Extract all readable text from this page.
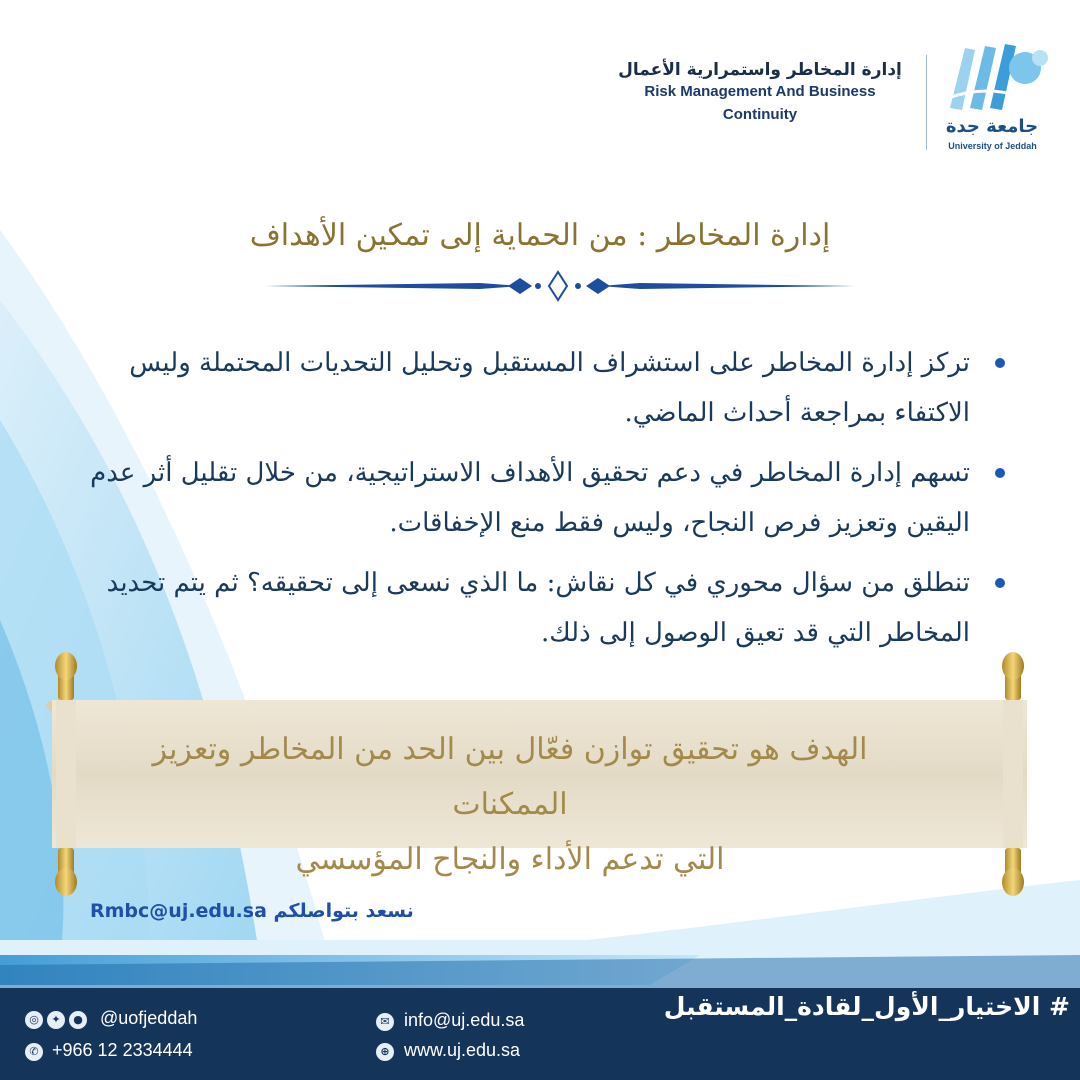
إدارة المخاطر واستمرارية الأعمال
Risk Management And Business
Continuity
جامعة جدة
University of Jeddah
إدارة المخاطر : من الحماية إلى تمكين الأهداف
تركز إدارة المخاطر على استشراف المستقبل وتحليل التحديات المحتملة وليس الاكتفاء بمراجعة أحداث الماضي.
تسهم إدارة المخاطر في دعم تحقيق الأهداف الاستراتيجية، من خلال تقليل أثر عدم اليقين وتعزيز فرص النجاح، وليس فقط منع الإخفاقات.
تنطلق من سؤال محوري في كل نقاش: ما الذي نسعى إلى تحقيقه؟ ثم يتم تحديد المخاطر التي قد تعيق الوصول إلى ذلك.
الهدف هو تحقيق توازن فعّال بين الحد من المخاطر وتعزيز الممكنات
التي تدعم الأداء والنجاح المؤسسي
نسعد بتواصلكم Rmbc@uj.edu.sa
# الاختيار_الأول_لقادة_المستقبل
◎	✦	● @uofjeddah
✆ +966 12 2334444
✉ info@uj.edu.sa
⊕ www.uj.edu.sa
